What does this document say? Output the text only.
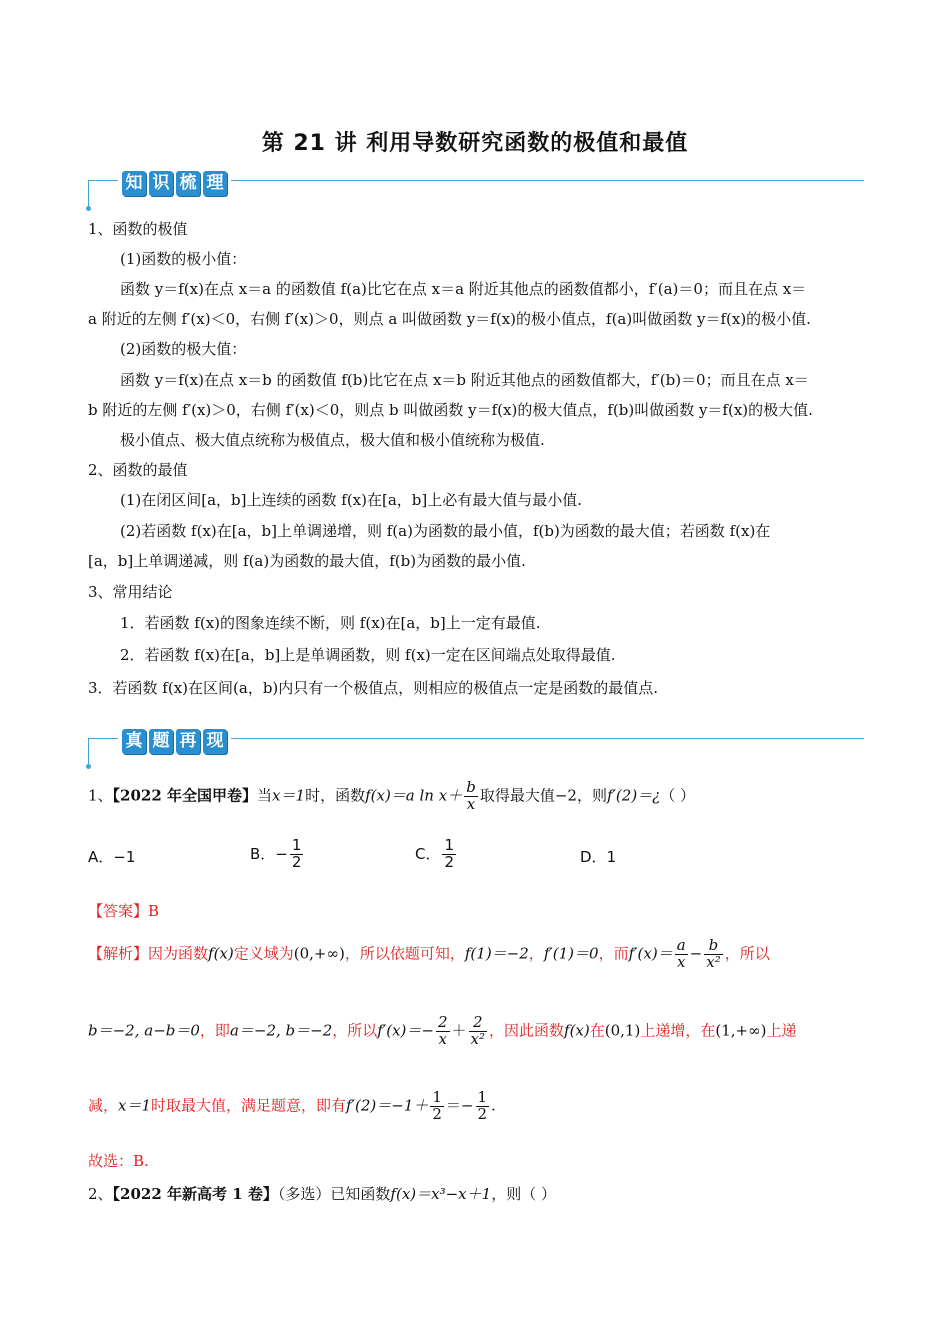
第 21 讲 利用导数研究函数的极值和最值
知 识 梳 理
1、函数的极值
(1)函数的极小值：
函数 y＝f(x)在点 x＝a 的函数值 f(a)比它在点 x＝a 附近其他点的函数值都小，f′(a)＝0；而且在点 x＝
a 附近的左侧 f′(x)＜0，右侧 f′(x)＞0，则点 a 叫做函数 y＝f(x)的极小值点，f(a)叫做函数 y＝f(x)的极小值.
(2)函数的极大值：
函数 y＝f(x)在点 x＝b 的函数值 f(b)比它在点 x＝b 附近其他点的函数值都大，f′(b)＝0；而且在点 x＝
b 附近的左侧 f′(x)＞0，右侧 f′(x)＜0，则点 b 叫做函数 y＝f(x)的极大值点，f(b)叫做函数 y＝f(x)的极大值.
极小值点、极大值点统称为极值点，极大值和极小值统称为极值.
2、函数的最值
(1)在闭区间[a，b]上连续的函数 f(x)在[a，b]上必有最大值与最小值.
(2)若函数 f(x)在[a，b]上单调递增，则 f(a)为函数的最小值，f(b)为函数的最大值；若函数 f(x)在
[a，b]上单调递减，则 f(a)为函数的最大值，f(b)为函数的最小值.
3、常用结论
1．若函数 f(x)的图象连续不断，则 f(x)在[a，b]上一定有最值.
2．若函数 f(x)在[a，b]上是单调函数，则 f(x)一定在区间端点处取得最值.
3．若函数 f(x)在区间(a，b)内只有一个极值点，则相应的极值点一定是函数的最值点.
真 题 再 现
1、【2022 年全国甲卷】当x＝1时，函数f(x)＝a $\ln x+ \frac{b}{x}$ 取得最大值−2，则f′(2)＝¿（ ）
A．−1	B．− $\frac{1}{2}$	C． $\frac{1}{2}$	D．1
【答案】B
【解析】因为函数f(x)定义域为(0,+∞)，所以依题可知，f(1)＝−2，f′(1)＝0，而$f'(x)= \frac{a}{x} - \frac{b}{\text{x²}}$ ，所以
b＝−2, a−b＝0，即a＝−2, b＝−2，所以$f'(x)=- \frac{2}{x} + \frac{2}{\text{x²}}$ ，因此函数f(x)在(0,1)上递增，在(1,+∞)上递
减，x＝1时取最大值，满足题意，即有$f'(2)=-1+ \frac{1}{2} =- \frac{1}{2}$ .
故选：B.
2、【2022 年新高考 1 卷】（多选）已知函数f(x)＝x³−x＋1，则（ ）
